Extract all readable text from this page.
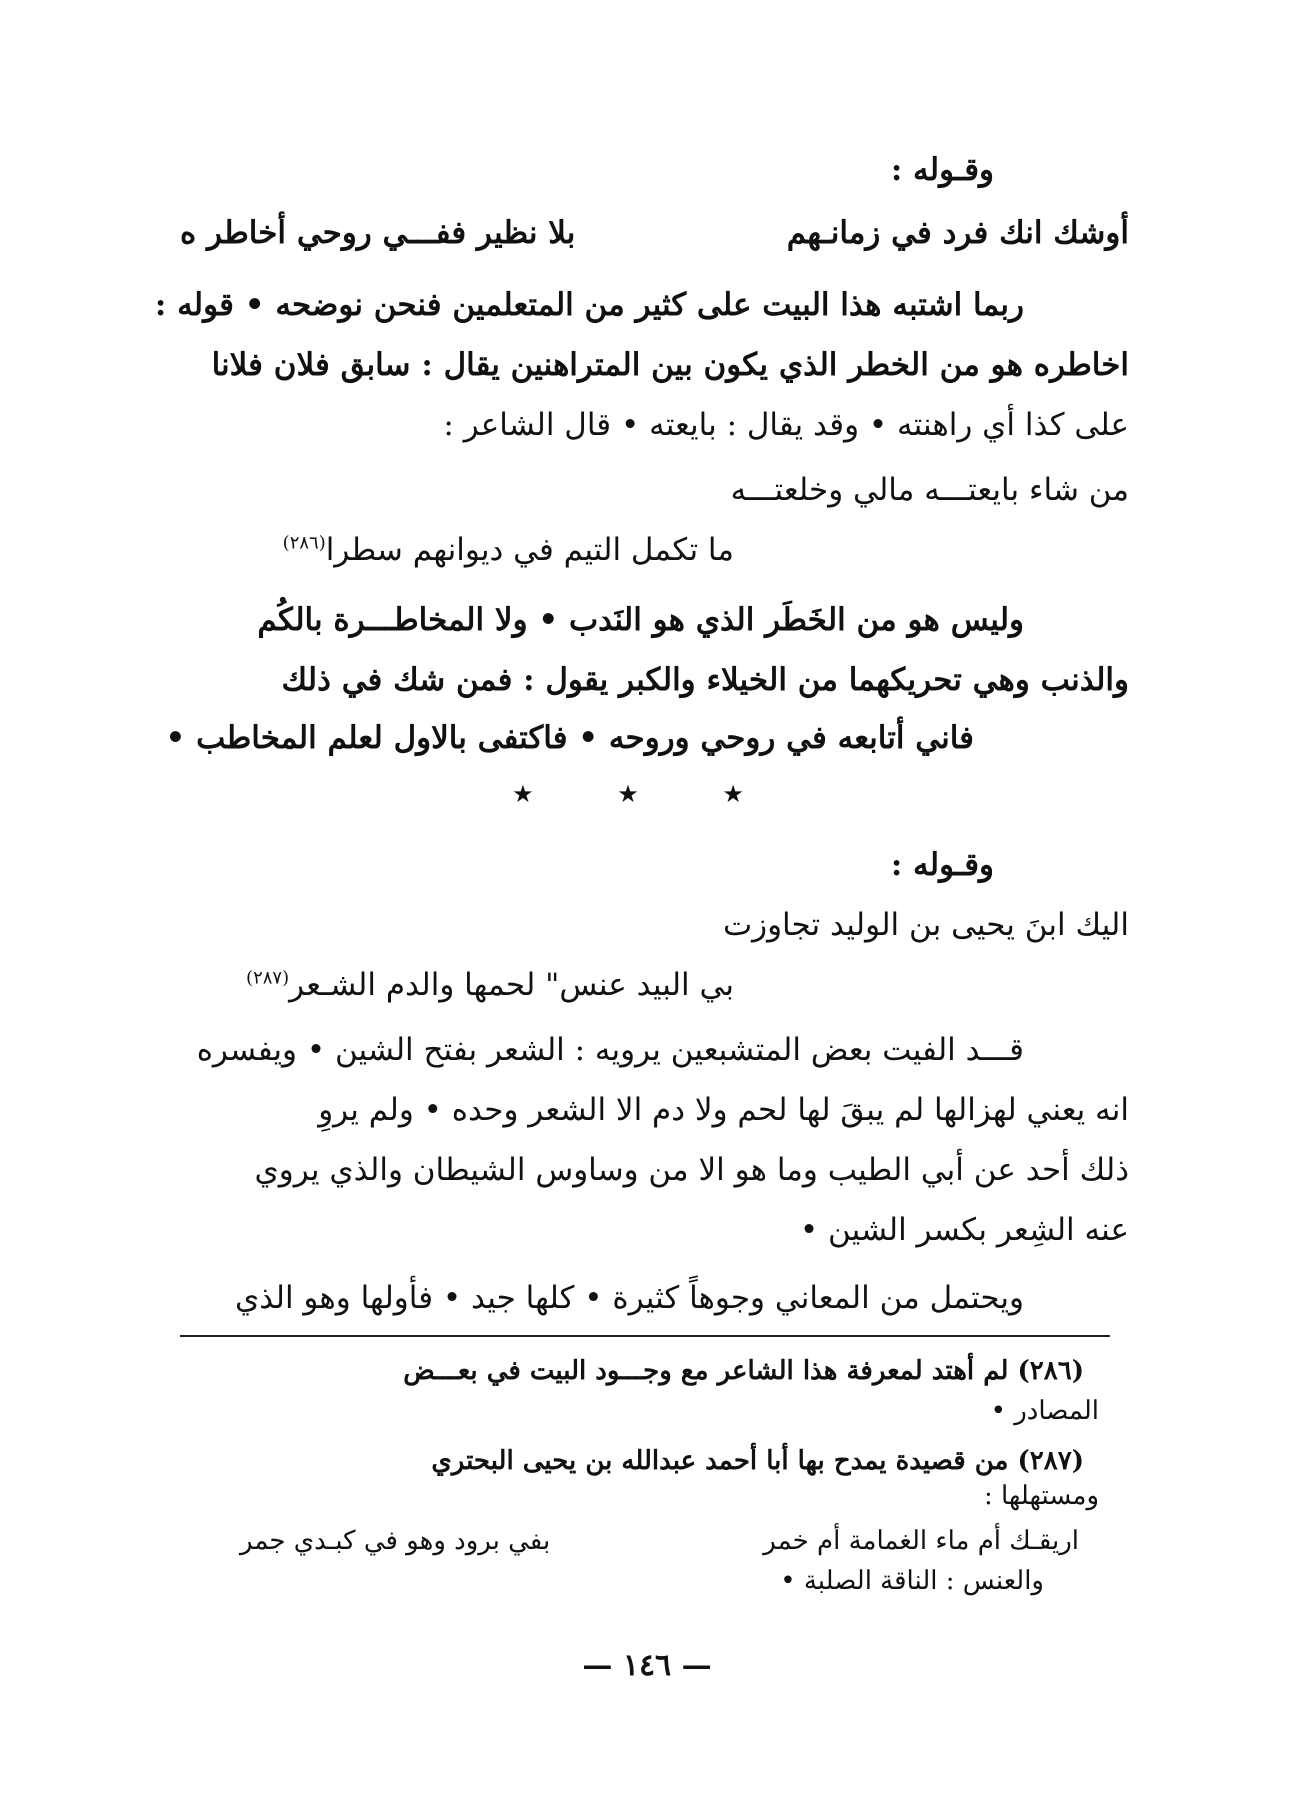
وقـوله :
أوشك انك فرد في زمانـهم
بلا نظير ففـــي روحي أخاطر ه
ربما اشتبه هذا البيت على كثير من المتعلمين فنحن نوضحه • قوله :
اخاطره هو من الخطر الذي يكون بين المتراهنين يقال : سابق فلان فلانا
على كذا أي راهنته • وقد يقال : بايعته • قال الشاعر :
من شاء بايعتـــه مالي وخلعتـــه
ما تكمل التيم في ديوانهم سطرا$^{(٢٨٦)}$
وليس هو من الخَطَر الذي هو النَدب • ولا المخاطـــرة بالكُم
والذنب وهي تحريكهما من الخيلاء والكبر يقول : فمن شك في ذلك
فاني أتابعه في روحي وروحه • فاكتفى بالاول لعلم المخاطب •
★ ★ ★
وقـوله :
اليك ابنَ يحيى بن الوليد تجاوزت
بي البيد عنس" لحمها والدم الشـعر$^{(٢٨٧)}$
قـــد الفيت بعض المتشبعين يرويه : الشعر بفتح الشين • ويفسره
انه يعني لهزالها لم يبقَ لها لحم ولا دم الا الشعر وحده • ولم يروِ
ذلك أحد عن أبي الطيب وما هو الا من وساوس الشيطان والذي يروي
عنه الشِعر بكسر الشين •
ويحتمل من المعاني وجوهاً كثيرة • كلها جيد • فأولها وهو الذي
(٢٨٦) لم أهتد لمعرفة هذا الشاعر مع وجـــود البيت في بعـــض
المصادر •
(٢٨٧) من قصيدة يمدح بها أبا أحمد عبدالله بن يحيى البحتري
ومستهلها :
اريقـك أم ماء الغمامة أم خمر
بفي برود وهو في كبـدي جمر
والعنس : الناقة الصلبة •
— ١٤٦ —
